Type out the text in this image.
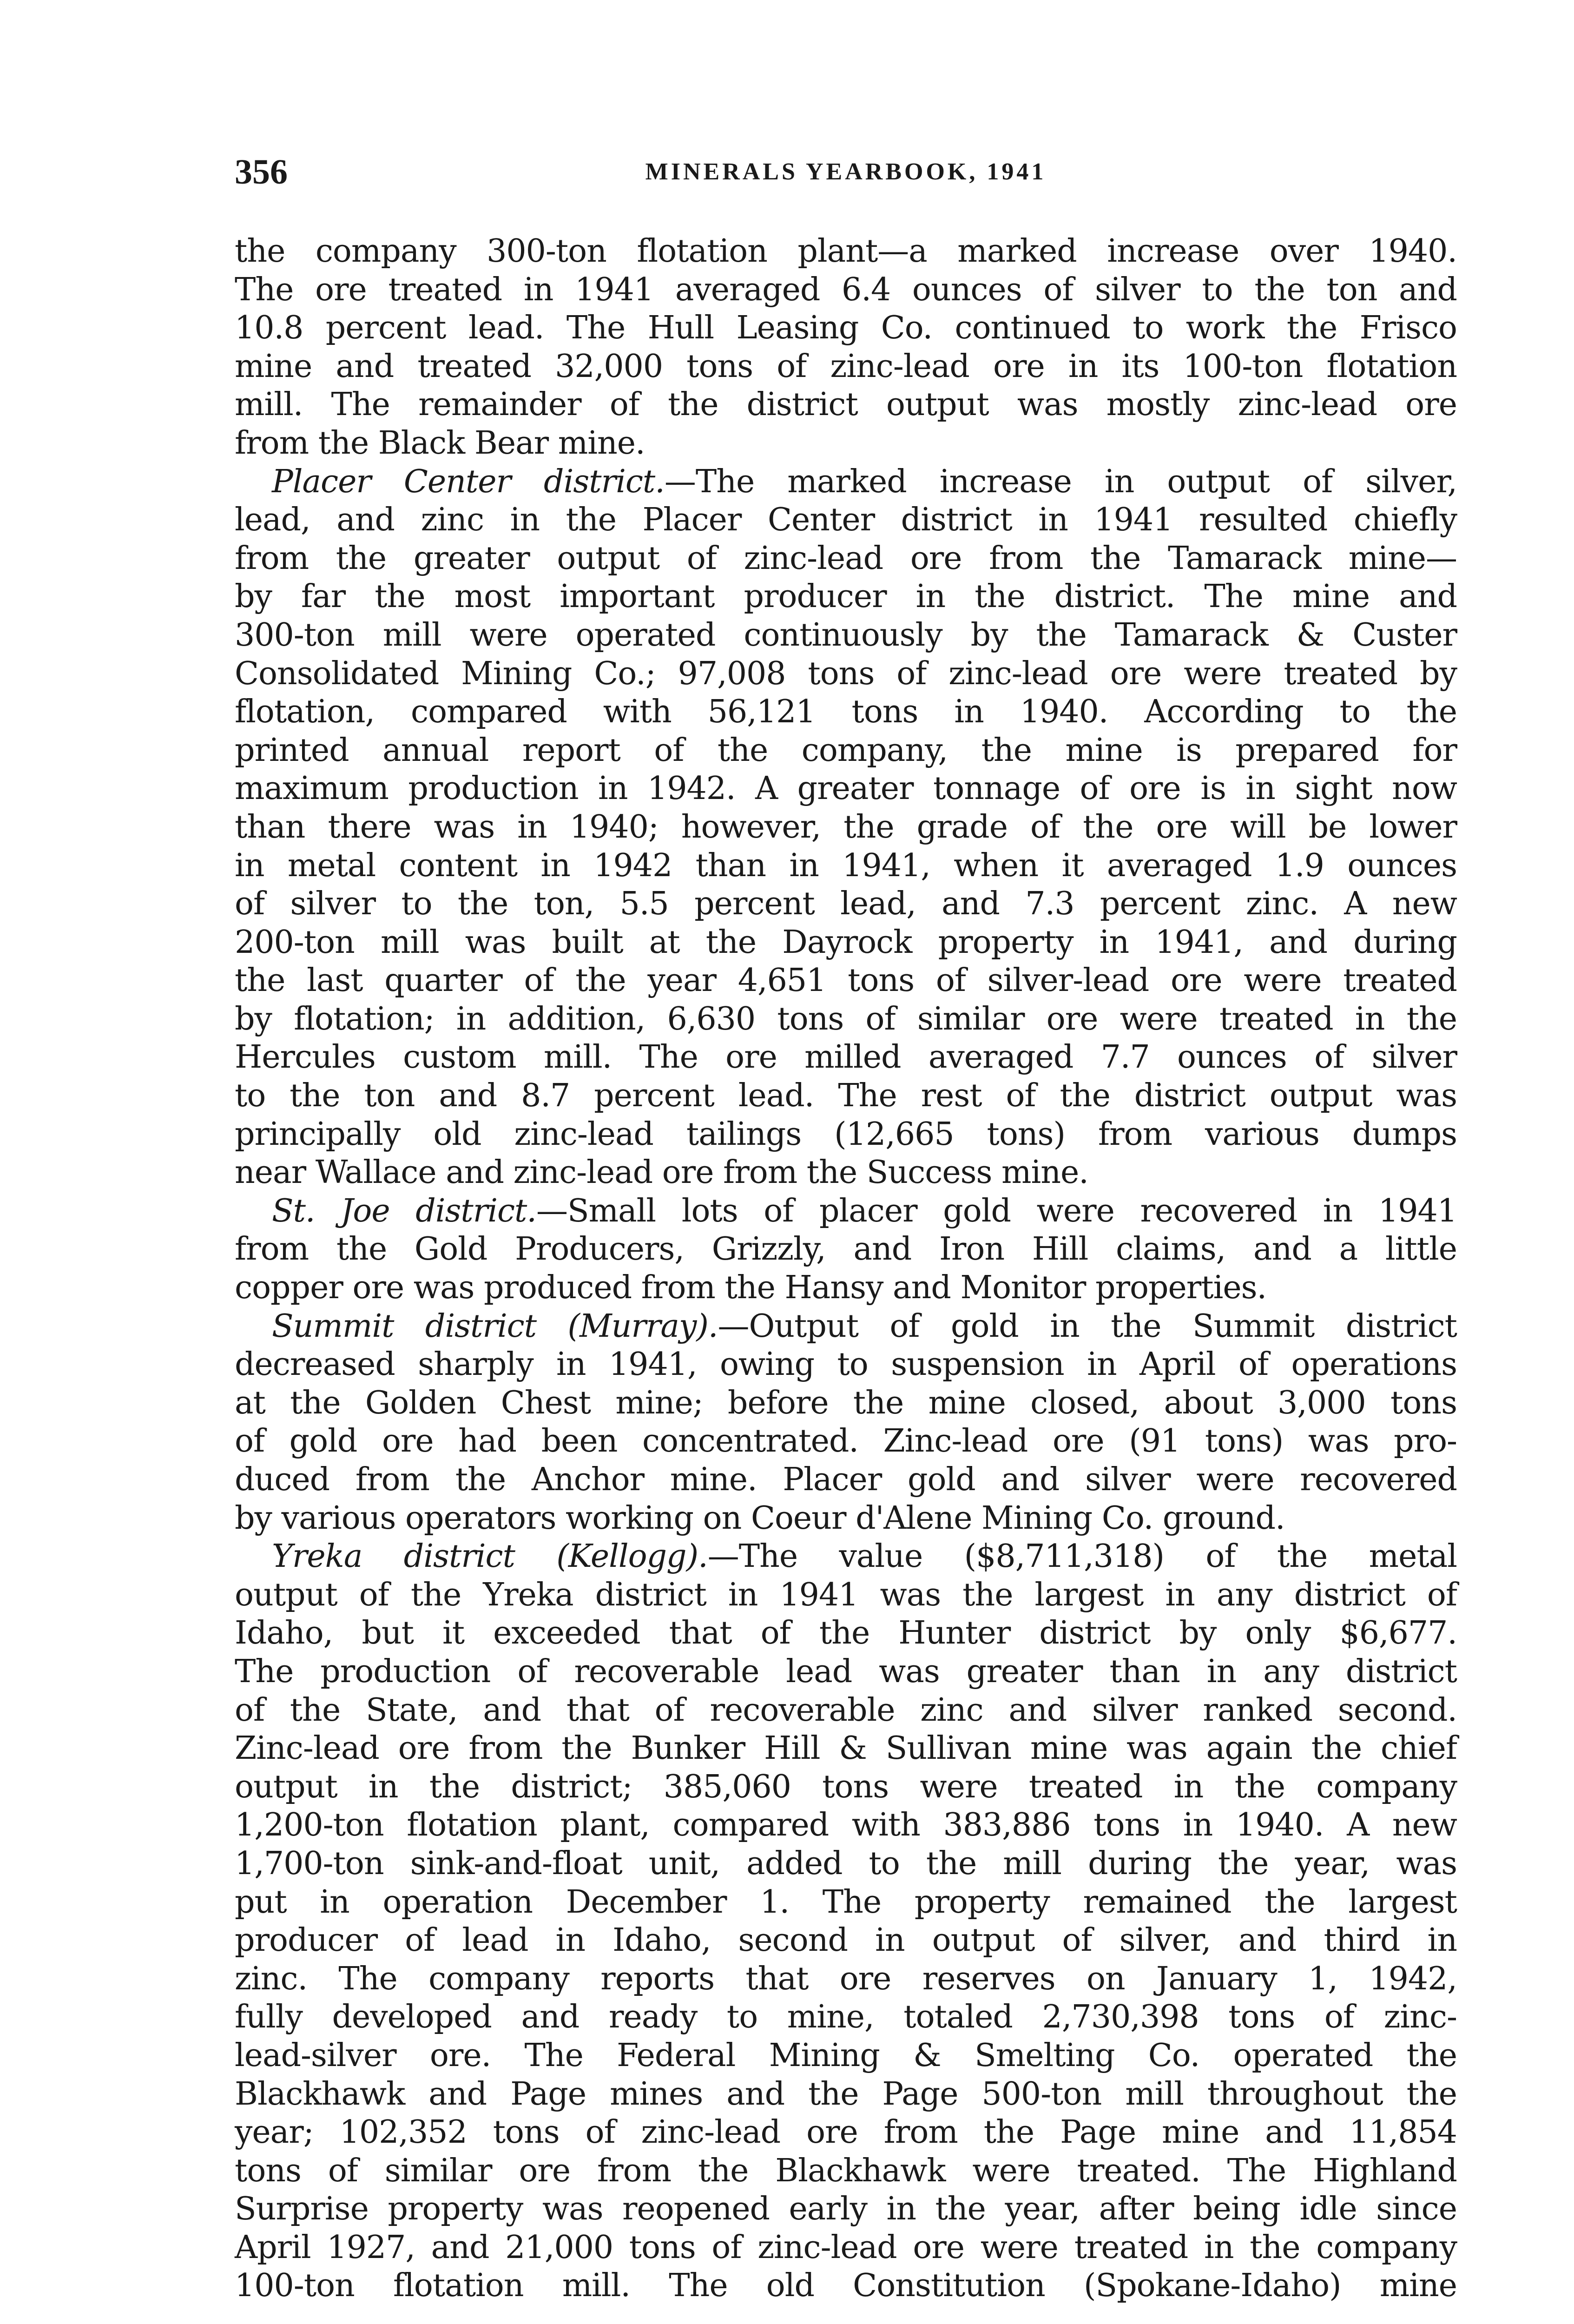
356	MINERALS YEARBOOK, 1941
the company 300-ton flotation plant—a marked increase over 1940.
The ore treated in 1941 averaged 6.4 ounces of silver to the ton and
10.8 percent lead. The Hull Leasing Co. continued to work the Frisco
mine and treated 32,000 tons of zinc-lead ore in its 100-ton flotation
mill. The remainder of the district output was mostly zinc-lead ore
from the Black Bear mine.
Placer Center district.—The marked increase in output of silver,
lead, and zinc in the Placer Center district in 1941 resulted chiefly
from the greater output of zinc-lead ore from the Tamarack mine—
by far the most important producer in the district. The mine and
300-ton mill were operated continuously by the Tamarack & Custer
Consolidated Mining Co.; 97,008 tons of zinc-lead ore were treated by
flotation, compared with 56,121 tons in 1940. According to the
printed annual report of the company, the mine is prepared for
maximum production in 1942. A greater tonnage of ore is in sight now
than there was in 1940; however, the grade of the ore will be lower
in metal content in 1942 than in 1941, when it averaged 1.9 ounces
of silver to the ton, 5.5 percent lead, and 7.3 percent zinc. A new
200-ton mill was built at the Dayrock property in 1941, and during
the last quarter of the year 4,651 tons of silver-lead ore were treated
by flotation; in addition, 6,630 tons of similar ore were treated in the
Hercules custom mill. The ore milled averaged 7.7 ounces of silver
to the ton and 8.7 percent lead. The rest of the district output was
principally old zinc-lead tailings (12,665 tons) from various dumps
near Wallace and zinc-lead ore from the Success mine.
St. Joe district.—Small lots of placer gold were recovered in 1941
from the Gold Producers, Grizzly, and Iron Hill claims, and a little
copper ore was produced from the Hansy and Monitor properties.
Summit district (Murray).—Output of gold in the Summit district
decreased sharply in 1941, owing to suspension in April of operations
at the Golden Chest mine; before the mine closed, about 3,000 tons
of gold ore had been concentrated. Zinc-lead ore (91 tons) was pro-
duced from the Anchor mine. Placer gold and silver were recovered
by various operators working on Coeur d'Alene Mining Co. ground.
Yreka district (Kellogg).—The value ($8,711,318) of the metal
output of the Yreka district in 1941 was the largest in any district of
Idaho, but it exceeded that of the Hunter district by only $6,677.
The production of recoverable lead was greater than in any district
of the State, and that of recoverable zinc and silver ranked second.
Zinc-lead ore from the Bunker Hill & Sullivan mine was again the chief
output in the district; 385,060 tons were treated in the company
1,200-ton flotation plant, compared with 383,886 tons in 1940. A new
1,700-ton sink-and-float unit, added to the mill during the year, was
put in operation December 1. The property remained the largest
producer of lead in Idaho, second in output of silver, and third in
zinc. The company reports that ore reserves on January 1, 1942,
fully developed and ready to mine, totaled 2,730,398 tons of zinc-
lead-silver ore. The Federal Mining & Smelting Co. operated the
Blackhawk and Page mines and the Page 500-ton mill throughout the
year; 102,352 tons of zinc-lead ore from the Page mine and 11,854
tons of similar ore from the Blackhawk were treated. The Highland
Surprise property was reopened early in the year, after being idle since
April 1927, and 21,000 tons of zinc-lead ore were treated in the company
100-ton flotation mill. The old Constitution (Spokane-Idaho) mine
